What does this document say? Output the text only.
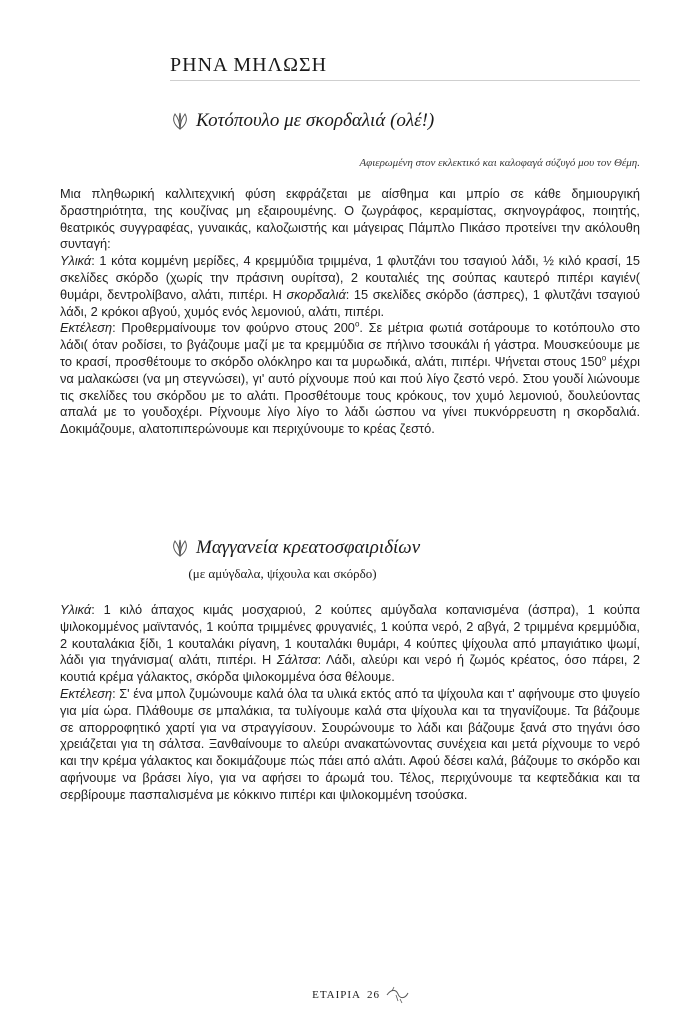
ΡΗΝΑ ΜΗΛΩΣΗ
Κοτόπουλο με σκορδαλιά (ολέ!)
Αφιερωμένη στον εκλεκτικό και καλοφαγά σύζυγό μου τον Θέμη.

Μια πληθωρική καλλιτεχνική φύση εκφράζεται με αίσθημα και μπρίο σε κάθε δημιουργική δραστηριότητα, της κουζίνας μη εξαιρουμένης. Ο ζωγράφος, κεραμίστας, σκηνογράφος, ποιητής, θεατρικός συγγραφέας, γυναικάς, καλοζωιστής και μάγειρας Πάμπλο Πικάσο προτείνει την ακόλουθη συνταγή:

Υλικά: 1 κότα κομμένη μερίδες, 4 κρεμμύδια τριμμένα, 1 φλυτζάνι του τσαγιού λάδι, ½ κιλό κρασί, 15 σκελίδες σκόρδο (χωρίς την πράσινη ουρίτσα), 2 κουταλιές της σούπας καυτερό πιπέρι καγιέν( θυμάρι, δεντρολίβανο, αλάτι, πιπέρι. Η σκορδαλιά: 15 σκελίδες σκόρδο (άσπρες), 1 φλυτζάνι τσαγιού λάδι, 2 κρόκοι αβγού, χυμός ενός λεμονιού, αλάτι, πιπέρι.

Εκτέλεση: Προθερμαίνουμε τον φούρνο στους $200^o$. Σε μέτρια φωτιά σοτάρουμε το κοτόπουλο στο λάδι( όταν ροδίσει, το βγάζουμε μαζί με τα κρεμμύδια σε πήλινο τσουκάλι ή γάστρα. Μουσκεύουμε με το κρασί, προσθέτουμε το σκόρδο ολόκληρο και τα μυρωδικά, αλάτι, πιπέρι. Ψήνεται στους $150^o$ μέχρι να μαλακώσει (να μη στεγνώσει), γι' αυτό ρίχνουμε πού και πού λίγο ζεστό νερό. Στου γουδί λιώνουμε τις σκελίδες του σκόρδου με το αλάτι. Προσθέτουμε τους κρόκους, τον χυμό λεμονιού, δουλεύοντας απαλά με το γουδοχέρι. Ρίχνουμε λίγο λίγο το λάδι ώσπου να γίνει πυκνόρρευστη η σκορδαλιά. Δοκιμάζουμε, αλατοπιπερώνουμε και περιχύνουμε το κρέας ζεστό.

Μαγγανεία κρεατοσφαιριδίων
(με αμύγδαλα, ψίχουλα και σκόρδο)

Υλικά: 1 κιλό άπαχος κιμάς μοσχαριού, 2 κούπες αμύγδαλα κοπανισμένα (άσπρα), 1 κούπα ψιλοκομμένος μαϊντανός, 1 κούπα τριμμένες φρυγανιές, 1 κούπα νερό, 2 αβγά, 2 τριμμένα κρεμμύδια, 2 κουταλάκια ξίδι, 1 κουταλάκι ρίγανη, 1 κουταλάκι θυμάρι, 4 κούπες ψίχουλα από μπαγιάτικο ψωμί, λάδι για τηγάνισμα( αλάτι, πιπέρι. Η Σάλτσα: Λάδι, αλεύρι και νερό ή ζωμός κρέατος, όσο πάρει, 2 κουτιά κρέμα γάλακτος, σκόρδα ψιλοκομμένα όσα θέλουμε.

Εκτέλεση: Σ' ένα μπολ ζυμώνουμε καλά όλα τα υλικά εκτός από τα ψίχουλα και τ' αφήνουμε στο ψυγείο για μία ώρα. Πλάθουμε σε μπαλάκια, τα τυλίγουμε καλά στα ψίχουλα και τα τηγανίζουμε. Τα βάζουμε σε απορροφητικό χαρτί για να στραγγίσουν. Σουρώνουμε το λάδι και βάζουμε ξανά στο τηγάνι όσο χρειάζεται για τη σάλτσα. Ξανθαίνουμε το αλεύρι ανακατώνοντας συνέχεια και μετά ρίχνουμε το νερό και την κρέμα γάλακτος και δοκιμάζουμε πώς πάει από αλάτι. Αφού δέσει καλά, βάζουμε το σκόρδο και αφήνουμε να βράσει λίγο, για να αφήσει το άρωμά του. Τέλος, περιχύνουμε τα κεφτεδάκια και τα σερβίρουμε πασπαλισμένα με κόκκινο πιπέρι και ψιλοκομμένη τσούσκα.

ΕΤΑΙΡΙΑ 26
